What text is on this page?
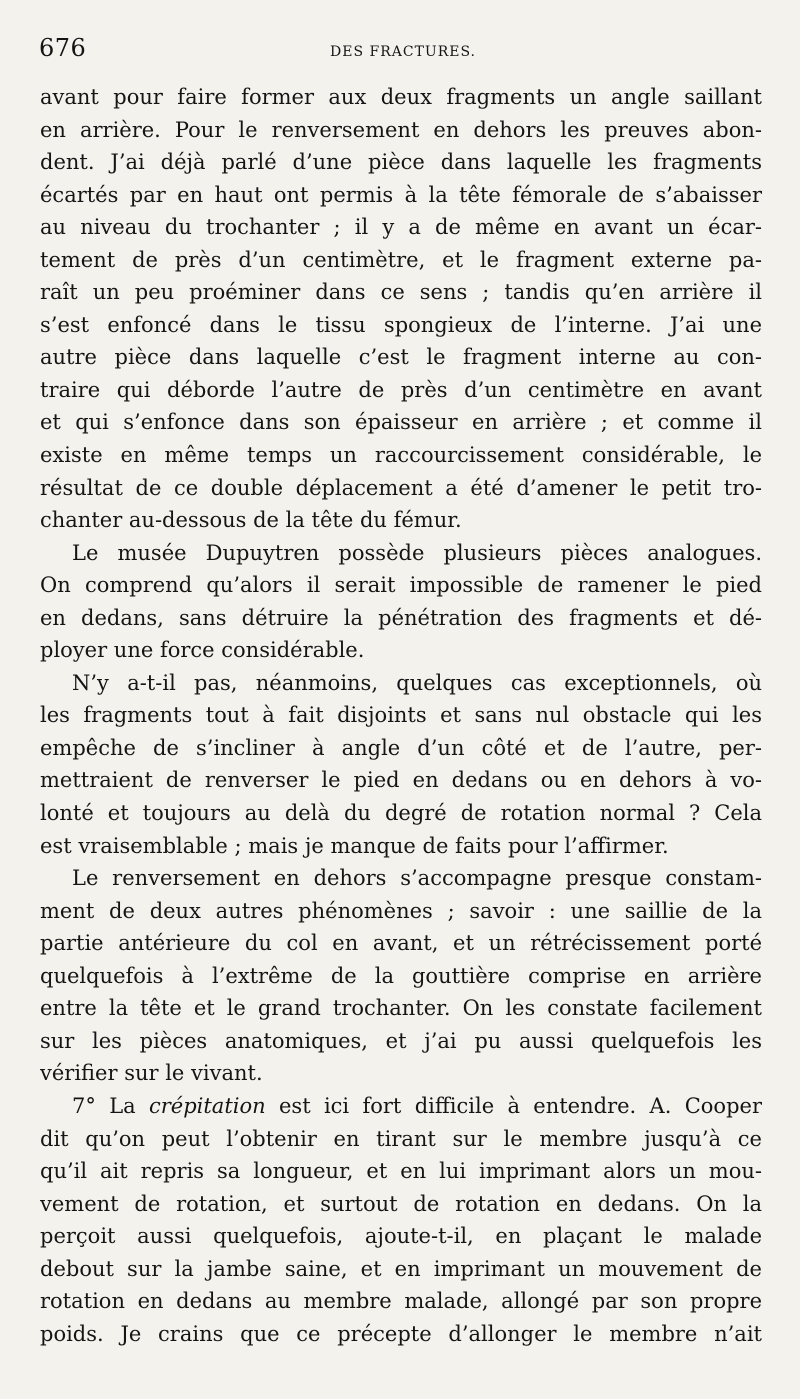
676	DES FRACTURES.
avant pour faire former aux deux fragments un angle saillant
en arrière. Pour le renversement en dehors les preuves abon-
dent. J’ai déjà parlé d’une pièce dans laquelle les fragments
écartés par en haut ont permis à la tête fémorale de s’abaisser
au niveau du trochanter ; il y a de même en avant un écar-
tement de près d’un centimètre, et le fragment externe pa-
raît un peu proéminer dans ce sens ; tandis qu’en arrière il
s’est enfoncé dans le tissu spongieux de l’interne. J’ai une
autre pièce dans laquelle c’est le fragment interne au con-
traire qui déborde l’autre de près d’un centimètre en avant
et qui s’enfonce dans son épaisseur en arrière ; et comme il
existe en même temps un raccourcissement considérable, le
résultat de ce double déplacement a été d’amener le petit tro-
chanter au-dessous de la tête du fémur.
Le musée Dupuytren possède plusieurs pièces analogues.
On comprend qu’alors il serait impossible de ramener le pied
en dedans, sans détruire la pénétration des fragments et dé-
ployer une force considérable.
N’y a-t-il pas, néanmoins, quelques cas exceptionnels, où
les fragments tout à fait disjoints et sans nul obstacle qui les
empêche de s’incliner à angle d’un côté et de l’autre, per-
mettraient de renverser le pied en dedans ou en dehors à vo-
lonté et toujours au delà du degré de rotation normal ? Cela
est vraisemblable ; mais je manque de faits pour l’affirmer.
Le renversement en dehors s’accompagne presque constam-
ment de deux autres phénomènes ; savoir : une saillie de la
partie antérieure du col en avant, et un rétrécissement porté
quelquefois à l’extrême de la gouttière comprise en arrière
entre la tête et le grand trochanter. On les constate facilement
sur les pièces anatomiques, et j’ai pu aussi quelquefois les
vérifier sur le vivant.
7° La crépitation est ici fort difficile à entendre. A. Cooper
dit qu’on peut l’obtenir en tirant sur le membre jusqu’à ce
qu’il ait repris sa longueur, et en lui imprimant alors un mou-
vement de rotation, et surtout de rotation en dedans. On la
perçoit aussi quelquefois, ajoute-t-il, en plaçant le malade
debout sur la jambe saine, et en imprimant un mouvement de
rotation en dedans au membre malade, allongé par son propre
poids. Je crains que ce précepte d’allonger le membre n’ait
